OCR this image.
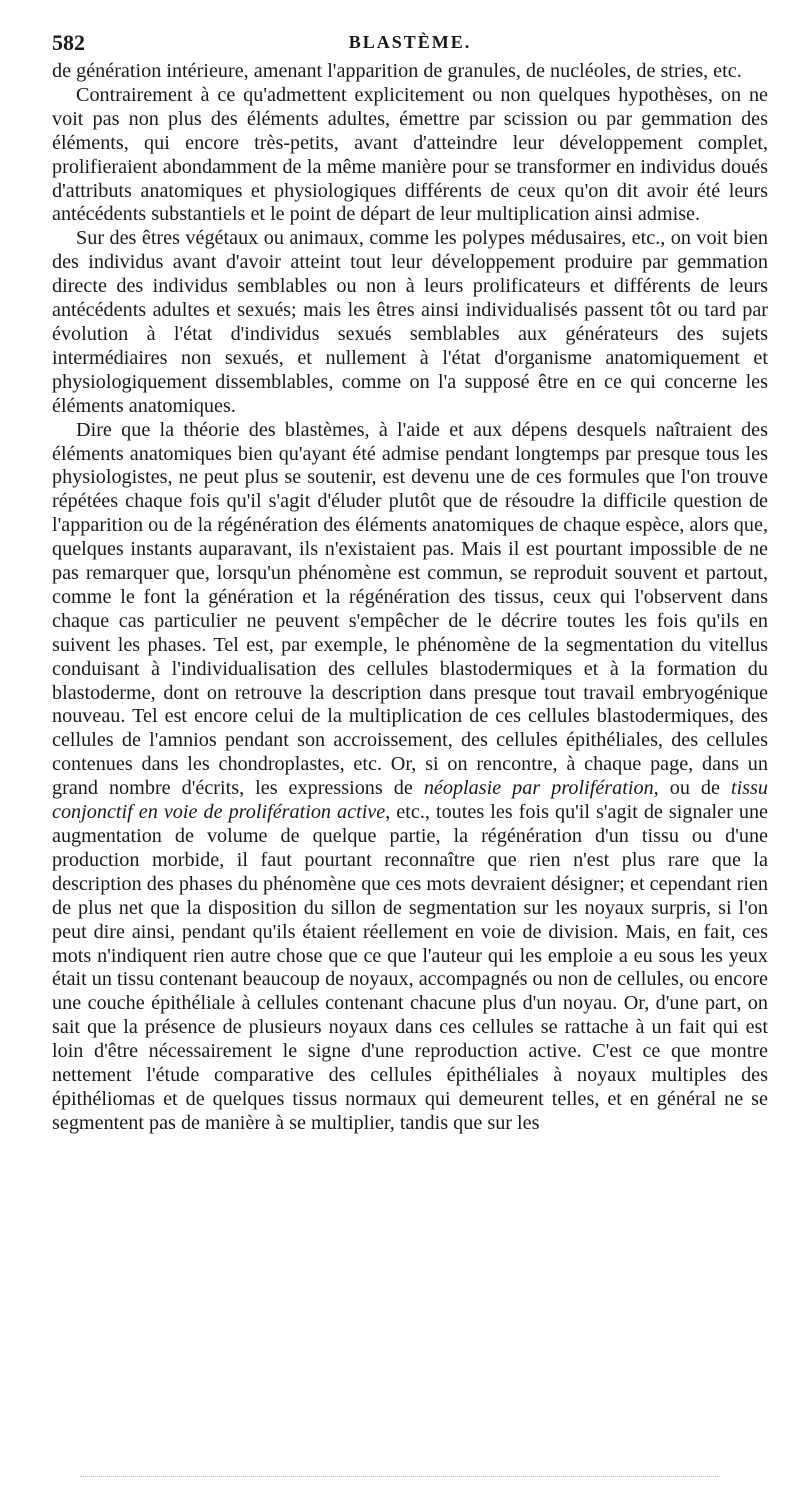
582	BLASTÈME.

de génération intérieure, amenant l'apparition de granules, de nucléoles, de stries, etc.

Contrairement à ce qu'admettent explicitement ou non quelques hypothèses, on ne voit pas non plus des éléments adultes, émettre par scission ou par gemmation des éléments, qui encore très-petits, avant d'atteindre leur développement complet, prolifieraient abondamment de la même manière pour se transformer en individus doués d'attributs anatomiques et physiologiques différents de ceux qu'on dit avoir été leurs antécédents substantiels et le point de départ de leur multiplication ainsi admise.

Sur des êtres végétaux ou animaux, comme les polypes médusaires, etc., on voit bien des individus avant d'avoir atteint tout leur développement produire par gemmation directe des individus semblables ou non à leurs prolificateurs et différents de leurs antécédents adultes et sexués; mais les êtres ainsi individualisés passent tôt ou tard par évolution à l'état d'individus sexués semblables aux générateurs des sujets intermédiaires non sexués, et nullement à l'état d'organisme anatomiquement et physiologiquement dissemblables, comme on l'a supposé être en ce qui concerne les éléments anatomiques.

Dire que la théorie des blastèmes, à l'aide et aux dépens desquels naîtraient des éléments anatomiques bien qu'ayant été admise pendant longtemps par presque tous les physiologistes, ne peut plus se soutenir, est devenu une de ces formules que l'on trouve répétées chaque fois qu'il s'agit d'éluder plutôt que de résoudre la difficile question de l'apparition ou de la régénération des éléments anatomiques de chaque espèce, alors que, quelques instants auparavant, ils n'existaient pas. Mais il est pourtant impossible de ne pas remarquer que, lorsqu'un phénomène est commun, se reproduit souvent et partout, comme le font la génération et la régénération des tissus, ceux qui l'observent dans chaque cas particulier ne peuvent s'empêcher de le décrire toutes les fois qu'ils en suivent les phases. Tel est, par exemple, le phénomène de la segmentation du vitellus conduisant à l'individualisation des cellules blastodermiques et à la formation du blastoderme, dont on retrouve la description dans presque tout travail embryogénique nouveau. Tel est encore celui de la multiplication de ces cellules blastodermiques, des cellules de l'amnios pendant son accroissement, des cellules épithéliales, des cellules contenues dans les chondroplastes, etc. Or, si on rencontre, à chaque page, dans un grand nombre d'écrits, les expressions de néoplasie par prolifération, ou de tissu conjonctif en voie de prolifération active, etc., toutes les fois qu'il s'agit de signaler une augmentation de volume de quelque partie, la régénération d'un tissu ou d'une production morbide, il faut pourtant reconnaître que rien n'est plus rare que la description des phases du phénomène que ces mots devraient désigner; et cependant rien de plus net que la disposition du sillon de segmentation sur les noyaux surpris, si l'on peut dire ainsi, pendant qu'ils étaient réellement en voie de division. Mais, en fait, ces mots n'indiquent rien autre chose que ce que l'auteur qui les emploie a eu sous les yeux était un tissu contenant beaucoup de noyaux, accompagnés ou non de cellules, ou encore une couche épithéliale à cellules contenant chacune plus d'un noyau. Or, d'une part, on sait que la présence de plusieurs noyaux dans ces cellules se rattache à un fait qui est loin d'être nécessairement le signe d'une reproduction active. C'est ce que montre nettement l'étude comparative des cellules épithéliales à noyaux multiples des épithéliomas et de quelques tissus normaux qui demeurent telles, et en général ne se segmentent pas de manière à se multiplier, tandis que sur les
